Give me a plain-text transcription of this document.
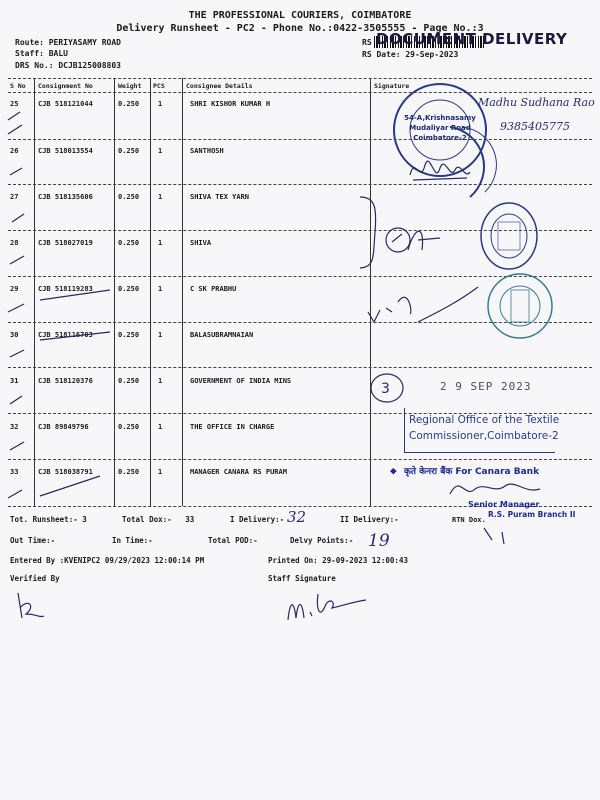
THE PROFESSIONAL COURIERS, COIMBATORE
Delivery Runsheet - PC2 - Phone No.:0422-3505555 - Page No.:3
Route: PERIYASAMY ROAD
Staff: BALU
DRS No.: DCJB125008803
RS
RS Date: 29-Sep-2023
DOCUMENT DELIVERY
S No Consignment No	Weight PCS	Consignee Details	Signature
25	CJB 518121044	0.250	1	SHRI KISHOR KUMAR H
26	CJB 518013554	0.250	1	SANTHOSH
27	CJB 518135606	0.250	1	SHIVA TEX YARN
28	CJB 518027019	0.250	1	SHIVA
29	CJB 518119283	0.250	1	C SK PRABHU
30	CJB 518116703	0.250	1	BALASUBRAMNAIAN
31	CJB 518120376	0.250	1	GOVERNMENT OF INDIA MINS
32	CJB 89849796	0.250	1	THE OFFICE IN CHARGE
33	CJB 518038791	0.250	1	MANAGER CANARA RS PURAM
54-A,Krishnasamy
Mudaliyar Road
Coimbatore-2
Madhu Sudhana Rao
9385405775
3	2 9 SEP 2023
Regional Office of the Textile
Commissioner,Coimbatore-2
◆ कृते केनरा बैंक For Canara Bank
Senior Manager
R.S. Puram Branch II
Tot. Runsheet:- 3	Total Dox:-   33	I Delivery:- 32	II Delivery:-	RTN Dox.
Out Time:-	In Time:-	Total POD:-	Delvy Points:- 19
Entered By :KVENIPC2 09/29/2023 12:00:14 PM	Printed On: 29-09-2023 12:00:43
Verified By	Staff Signature
